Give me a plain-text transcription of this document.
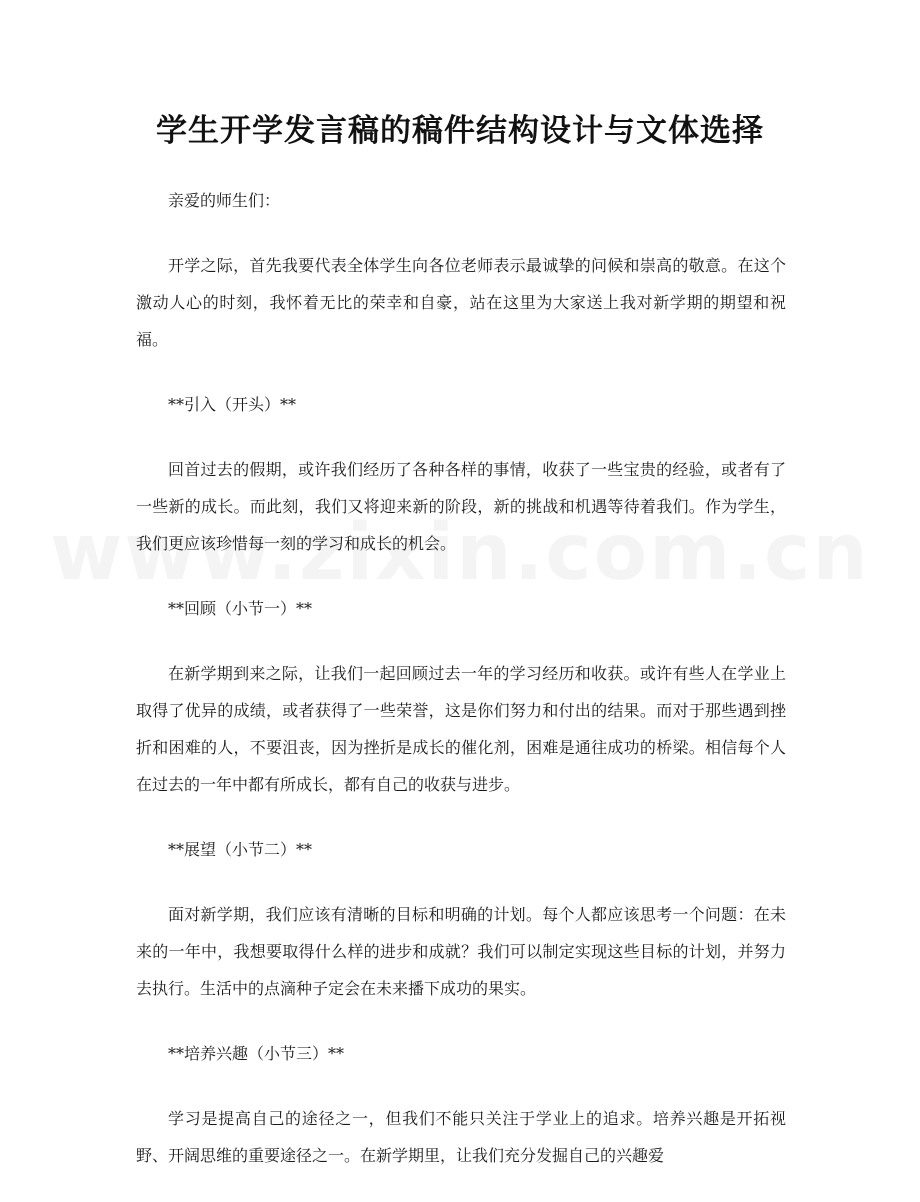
学生开学发言稿的稿件结构设计与文体选择

亲爱的师生们：

开学之际，首先我要代表全体学生向各位老师表示最诚挚的问候和崇高的敬意。在这个激动人心的时刻，我怀着无比的荣幸和自豪，站在这里为大家送上我对新学期的期望和祝福。

**引入（开头）**

回首过去的假期，或许我们经历了各种各样的事情，收获了一些宝贵的经验，或者有了一些新的成长。而此刻，我们又将迎来新的阶段，新的挑战和机遇等待着我们。作为学生，我们更应该珍惜每一刻的学习和成长的机会。

**回顾（小节一）**

在新学期到来之际，让我们一起回顾过去一年的学习经历和收获。或许有些人在学业上取得了优异的成绩，或者获得了一些荣誉，这是你们努力和付出的结果。而对于那些遇到挫折和困难的人，不要沮丧，因为挫折是成长的催化剂，困难是通往成功的桥梁。相信每个人在过去的一年中都有所成长，都有自己的收获与进步。

**展望（小节二）**

面对新学期，我们应该有清晰的目标和明确的计划。每个人都应该思考一个问题：在未来的一年中，我想要取得什么样的进步和成就？我们可以制定实现这些目标的计划，并努力去执行。生活中的点滴种子定会在未来播下成功的果实。

**培养兴趣（小节三）**

学习是提高自己的途径之一，但我们不能只关注于学业上的追求。培养兴趣是开拓视野、开阔思维的重要途径之一。在新学期里，让我们充分发掘自己的兴趣爱
